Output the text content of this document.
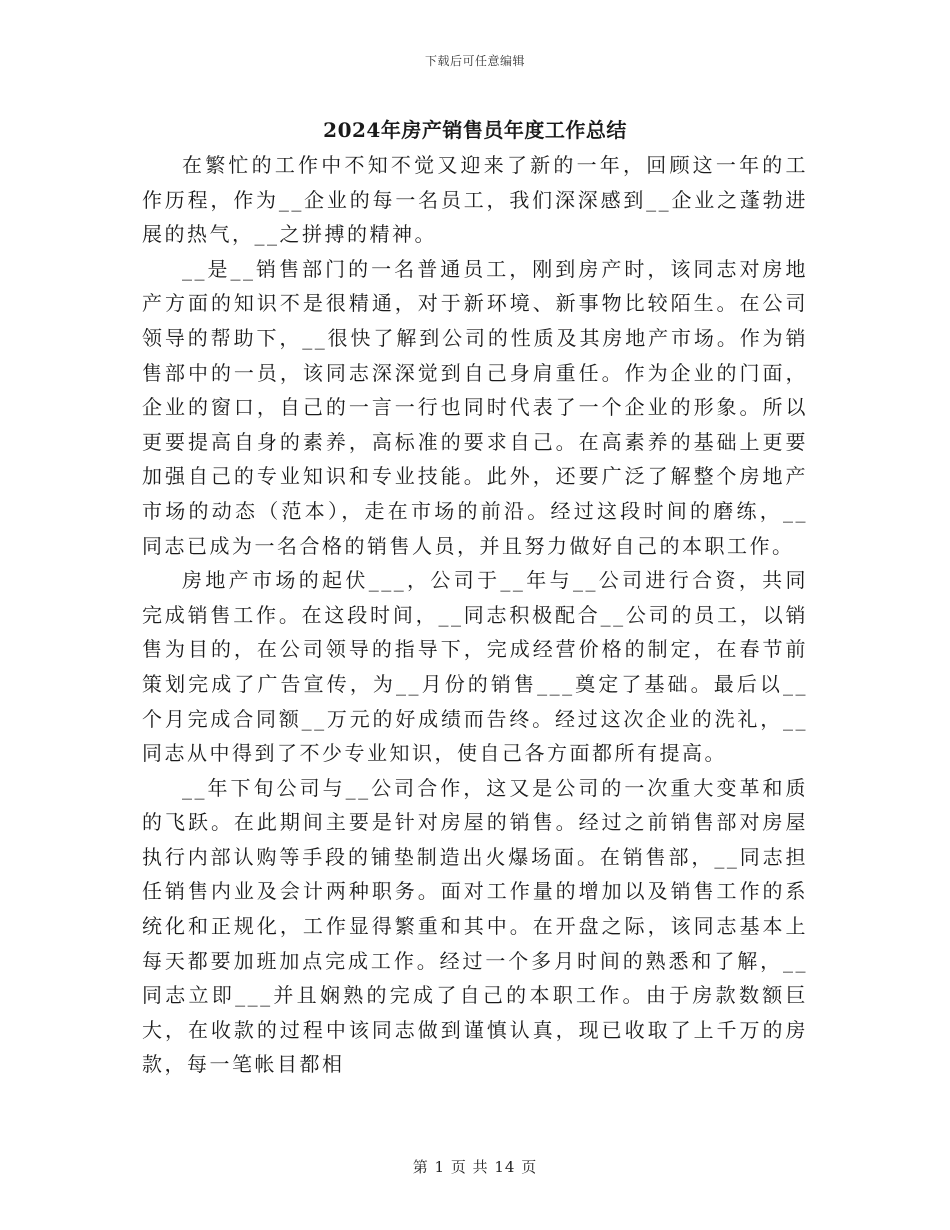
下载后可任意编辑
2024年房产销售员年度工作总结

在繁忙的工作中不知不觉又迎来了新的一年，回顾这一年的工作历程，作为__企业的每一名员工，我们深深感到__企业之蓬勃进展的热气，__之拼搏的精神。

__是__销售部门的一名普通员工，刚到房产时，该同志对房地产方面的知识不是很精通，对于新环境、新事物比较陌生。在公司领导的帮助下，__很快了解到公司的性质及其房地产市场。作为销售部中的一员，该同志深深觉到自己身肩重任。作为企业的门面，企业的窗口，自己的一言一行也同时代表了一个企业的形象。所以更要提高自身的素养，高标准的要求自己。在高素养的基础上更要加强自己的专业知识和专业技能。此外，还要广泛了解整个房地产市场的动态（范本），走在市场的前沿。经过这段时间的磨练，__同志已成为一名合格的销售人员，并且努力做好自己的本职工作。

房地产市场的起伏___，公司于__年与__公司进行合资，共同完成销售工作。在这段时间，__同志积极配合__公司的员工，以销售为目的，在公司领导的指导下，完成经营价格的制定，在春节前策划完成了广告宣传，为__月份的销售___奠定了基础。最后以__个月完成合同额__万元的好成绩而告终。经过这次企业的洗礼，__同志从中得到了不少专业知识，使自己各方面都所有提高。

__年下旬公司与__公司合作，这又是公司的一次重大变革和质的飞跃。在此期间主要是针对房屋的销售。经过之前销售部对房屋执行内部认购等手段的铺垫制造出火爆场面。在销售部，__同志担任销售内业及会计两种职务。面对工作量的增加以及销售工作的系统化和正规化，工作显得繁重和其中。在开盘之际，该同志基本上每天都要加班加点完成工作。经过一个多月时间的熟悉和了解，__同志立即___并且娴熟的完成了自己的本职工作。由于房款数额巨大，在收款的过程中该同志做到谨慎认真，现已收取了上千万的房款，每一笔帐目都相

第 1 页 共 14 页
